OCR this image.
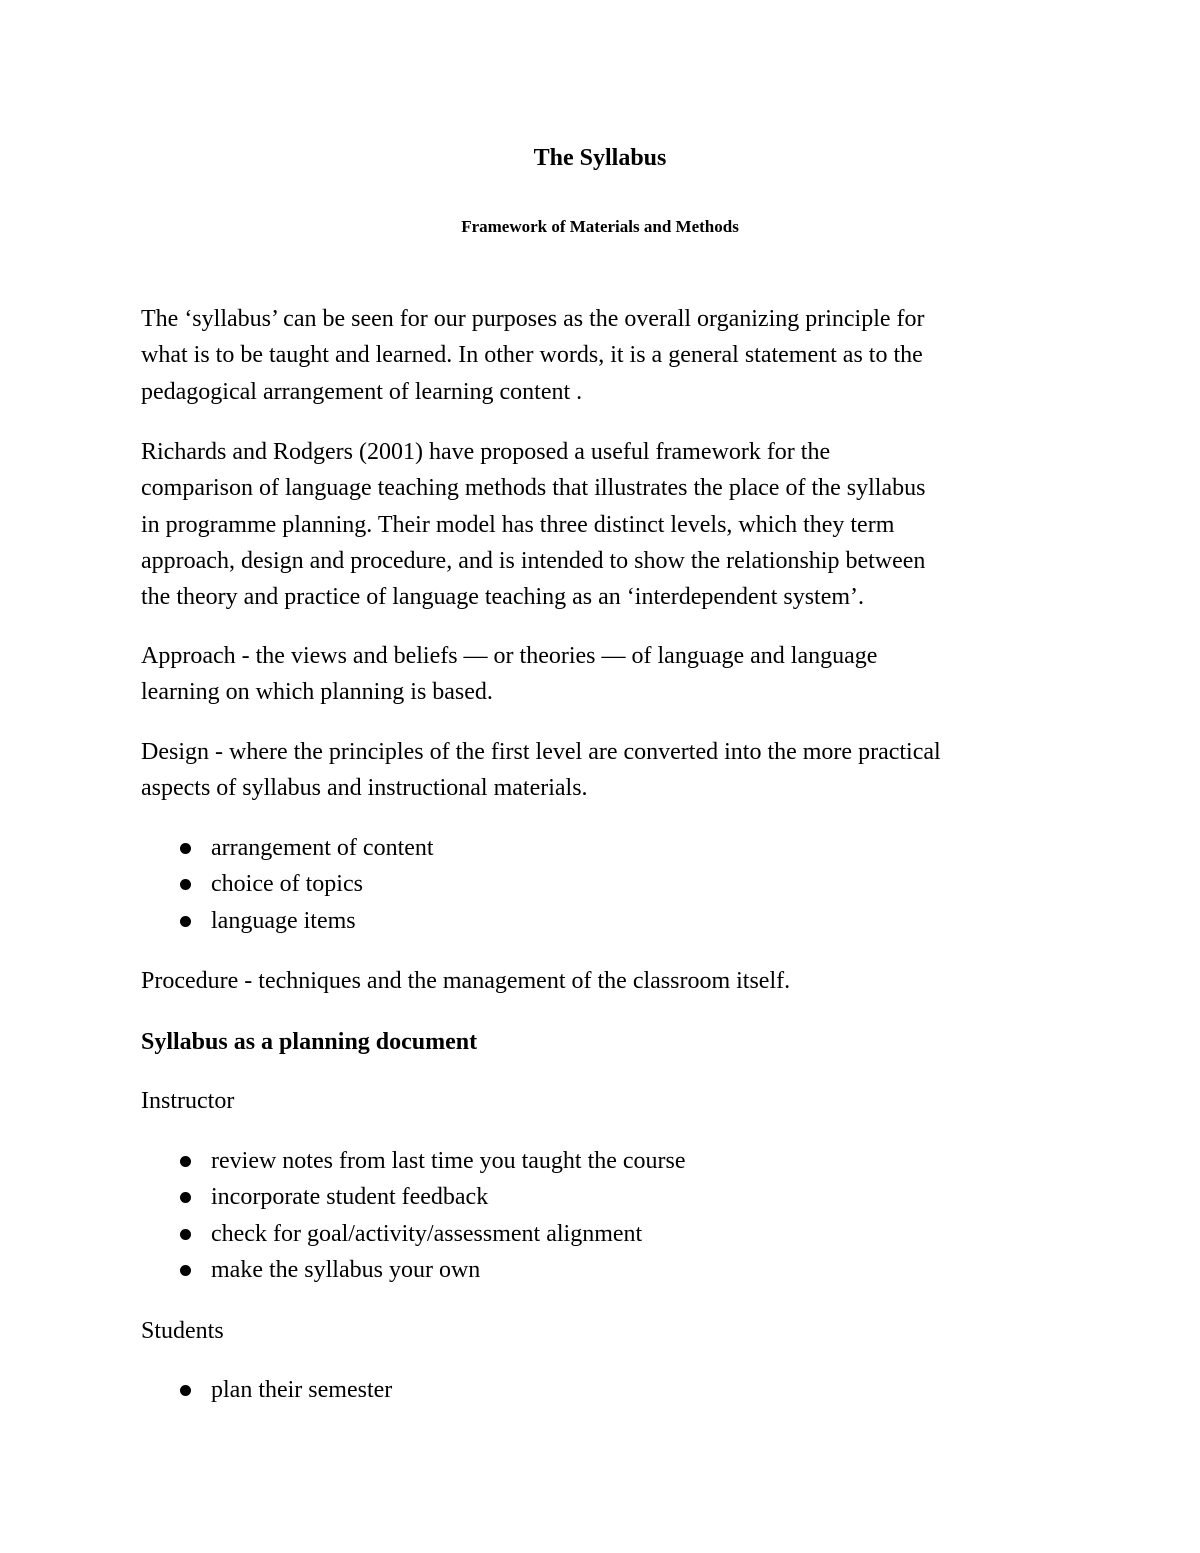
The Syllabus
Framework of Materials and Methods

The ‘syllabus’ can be seen for our purposes as the overall organizing principle for
what is to be taught and learned. In other words, it is a general statement as to the
pedagogical arrangement of learning content .

Richards and Rodgers (2001) have proposed a useful framework for the
comparison of language teaching methods that illustrates the place of the syllabus
in programme planning. Their model has three distinct levels, which they term
approach, design and procedure, and is intended to show the relationship between
the theory and practice of language teaching as an ‘interdependent system’.

Approach - the views and beliefs — or theories — of language and language
learning on which planning is based.

Design - where the principles of the first level are converted into the more practical
aspects of syllabus and instructional materials.

arrangement of content
choice of topics
language items

Procedure - techniques and the management of the classroom itself.

Syllabus as a planning document

Instructor

review notes from last time you taught the course
incorporate student feedback
check for goal/activity/assessment alignment
make the syllabus your own

Students

plan their semester
